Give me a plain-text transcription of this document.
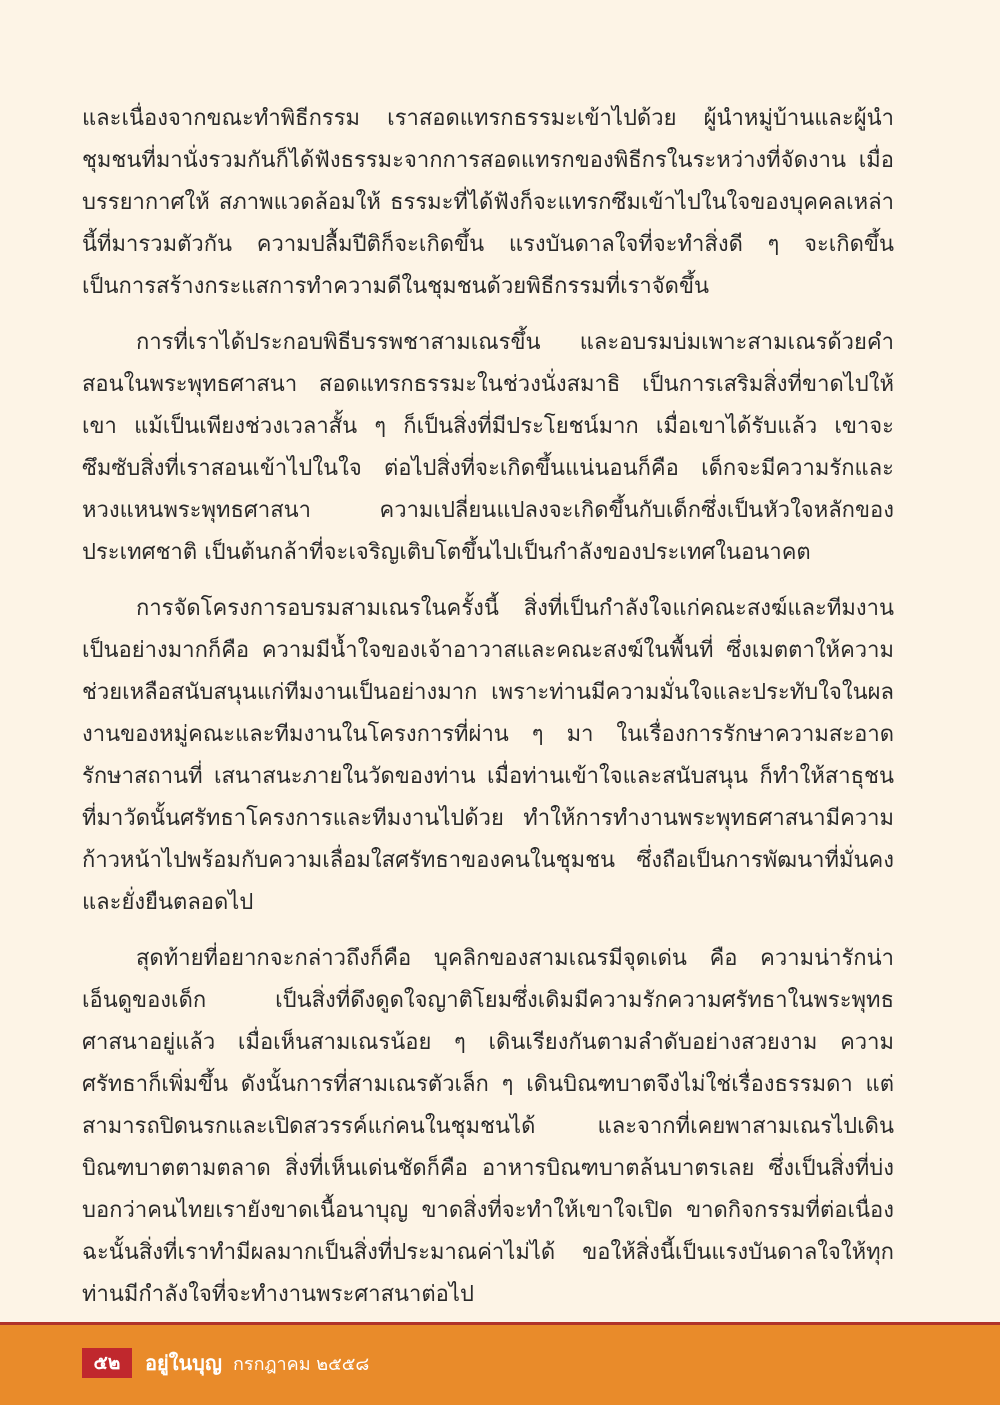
และเนื่องจากขณะทำพิธีกรรม เราสอดแทรกธรรมะเข้าไปด้วย ผู้นำหมู่บ้านและผู้นำชุมชนที่มานั่งรวมกันก็ได้ฟังธรรมะจากการสอดแทรกของพิธีกรในระหว่างที่จัดงาน เมื่อบรรยากาศให้ สภาพแวดล้อมให้ ธรรมะที่ได้ฟังก็จะแทรกซึมเข้าไปในใจของบุคคลเหล่านี้ที่มารวมตัวกัน ความปลื้มปีติก็จะเกิดขึ้น แรงบันดาลใจที่จะทำสิ่งดี ๆ จะเกิดขึ้น เป็นการสร้างกระแสการทำความดีในชุมชนด้วยพิธีกรรมที่เราจัดขึ้น

การที่เราได้ประกอบพิธีบรรพชาสามเณรขึ้น และอบรมบ่มเพาะสามเณรด้วยคำสอนในพระพุทธศาสนา สอดแทรกธรรมะในช่วงนั่งสมาธิ เป็นการเสริมสิ่งที่ขาดไปให้เขา แม้เป็นเพียงช่วงเวลาสั้น ๆ ก็เป็นสิ่งที่มีประโยชน์มาก เมื่อเขาได้รับแล้ว เขาจะซึมซับสิ่งที่เราสอนเข้าไปในใจ ต่อไปสิ่งที่จะเกิดขึ้นแน่นอนก็คือ เด็กจะมีความรักและหวงแหนพระพุทธศาสนา ความเปลี่ยนแปลงจะเกิดขึ้นกับเด็กซึ่งเป็นหัวใจหลักของประเทศชาติ เป็นต้นกล้าที่จะเจริญเติบโตขึ้นไปเป็นกำลังของประเทศในอนาคต

การจัดโครงการอบรมสามเณรในครั้งนี้ สิ่งที่เป็นกำลังใจแก่คณะสงฆ์และทีมงานเป็นอย่างมากก็คือ ความมีน้ำใจของเจ้าอาวาสและคณะสงฆ์ในพื้นที่ ซึ่งเมตตาให้ความช่วยเหลือสนับสนุนแก่ทีมงานเป็นอย่างมาก เพราะท่านมีความมั่นใจและประทับใจในผลงานของหมู่คณะและทีมงานในโครงการที่ผ่าน ๆ มา ในเรื่องการรักษาความสะอาดรักษาสถานที่ เสนาสนะภายในวัดของท่าน เมื่อท่านเข้าใจและสนับสนุน ก็ทำให้สาธุชนที่มาวัดนั้นศรัทธาโครงการและทีมงานไปด้วย ทำให้การทำงานพระพุทธศาสนามีความก้าวหน้าไปพร้อมกับความเลื่อมใสศรัทธาของคนในชุมชน ซึ่งถือเป็นการพัฒนาที่มั่นคงและยั่งยืนตลอดไป

สุดท้ายที่อยากจะกล่าวถึงก็คือ บุคลิกของสามเณรมีจุดเด่น คือ ความน่ารักน่าเอ็นดูของเด็ก เป็นสิ่งที่ดึงดูดใจญาติโยมซึ่งเดิมมีความรักความศรัทธาในพระพุทธศาสนาอยู่แล้ว เมื่อเห็นสามเณรน้อย ๆ เดินเรียงกันตามลำดับอย่างสวยงาม ความศรัทธาก็เพิ่มขึ้น ดังนั้นการที่สามเณรตัวเล็ก ๆ เดินบิณฑบาตจึงไม่ใช่เรื่องธรรมดา แต่สามารถปิดนรกและเปิดสวรรค์แก่คนในชุมชนได้ และจากที่เคยพาสามเณรไปเดินบิณฑบาตตามตลาด สิ่งที่เห็นเด่นชัดก็คือ อาหารบิณฑบาตล้นบาตรเลย ซึ่งเป็นสิ่งที่บ่งบอกว่าคนไทยเรายังขาดเนื้อนาบุญ ขาดสิ่งที่จะทำให้เขาใจเปิด ขาดกิจกรรมที่ต่อเนื่อง ฉะนั้นสิ่งที่เราทำมีผลมากเป็นสิ่งที่ประมาณค่าไม่ได้ ขอให้สิ่งนี้เป็นแรงบันดาลใจให้ทุกท่านมีกำลังใจที่จะทำงานพระศาสนาต่อไป

๕๒	อยู่ในบุญ กรกฎาคม ๒๕๕๘
